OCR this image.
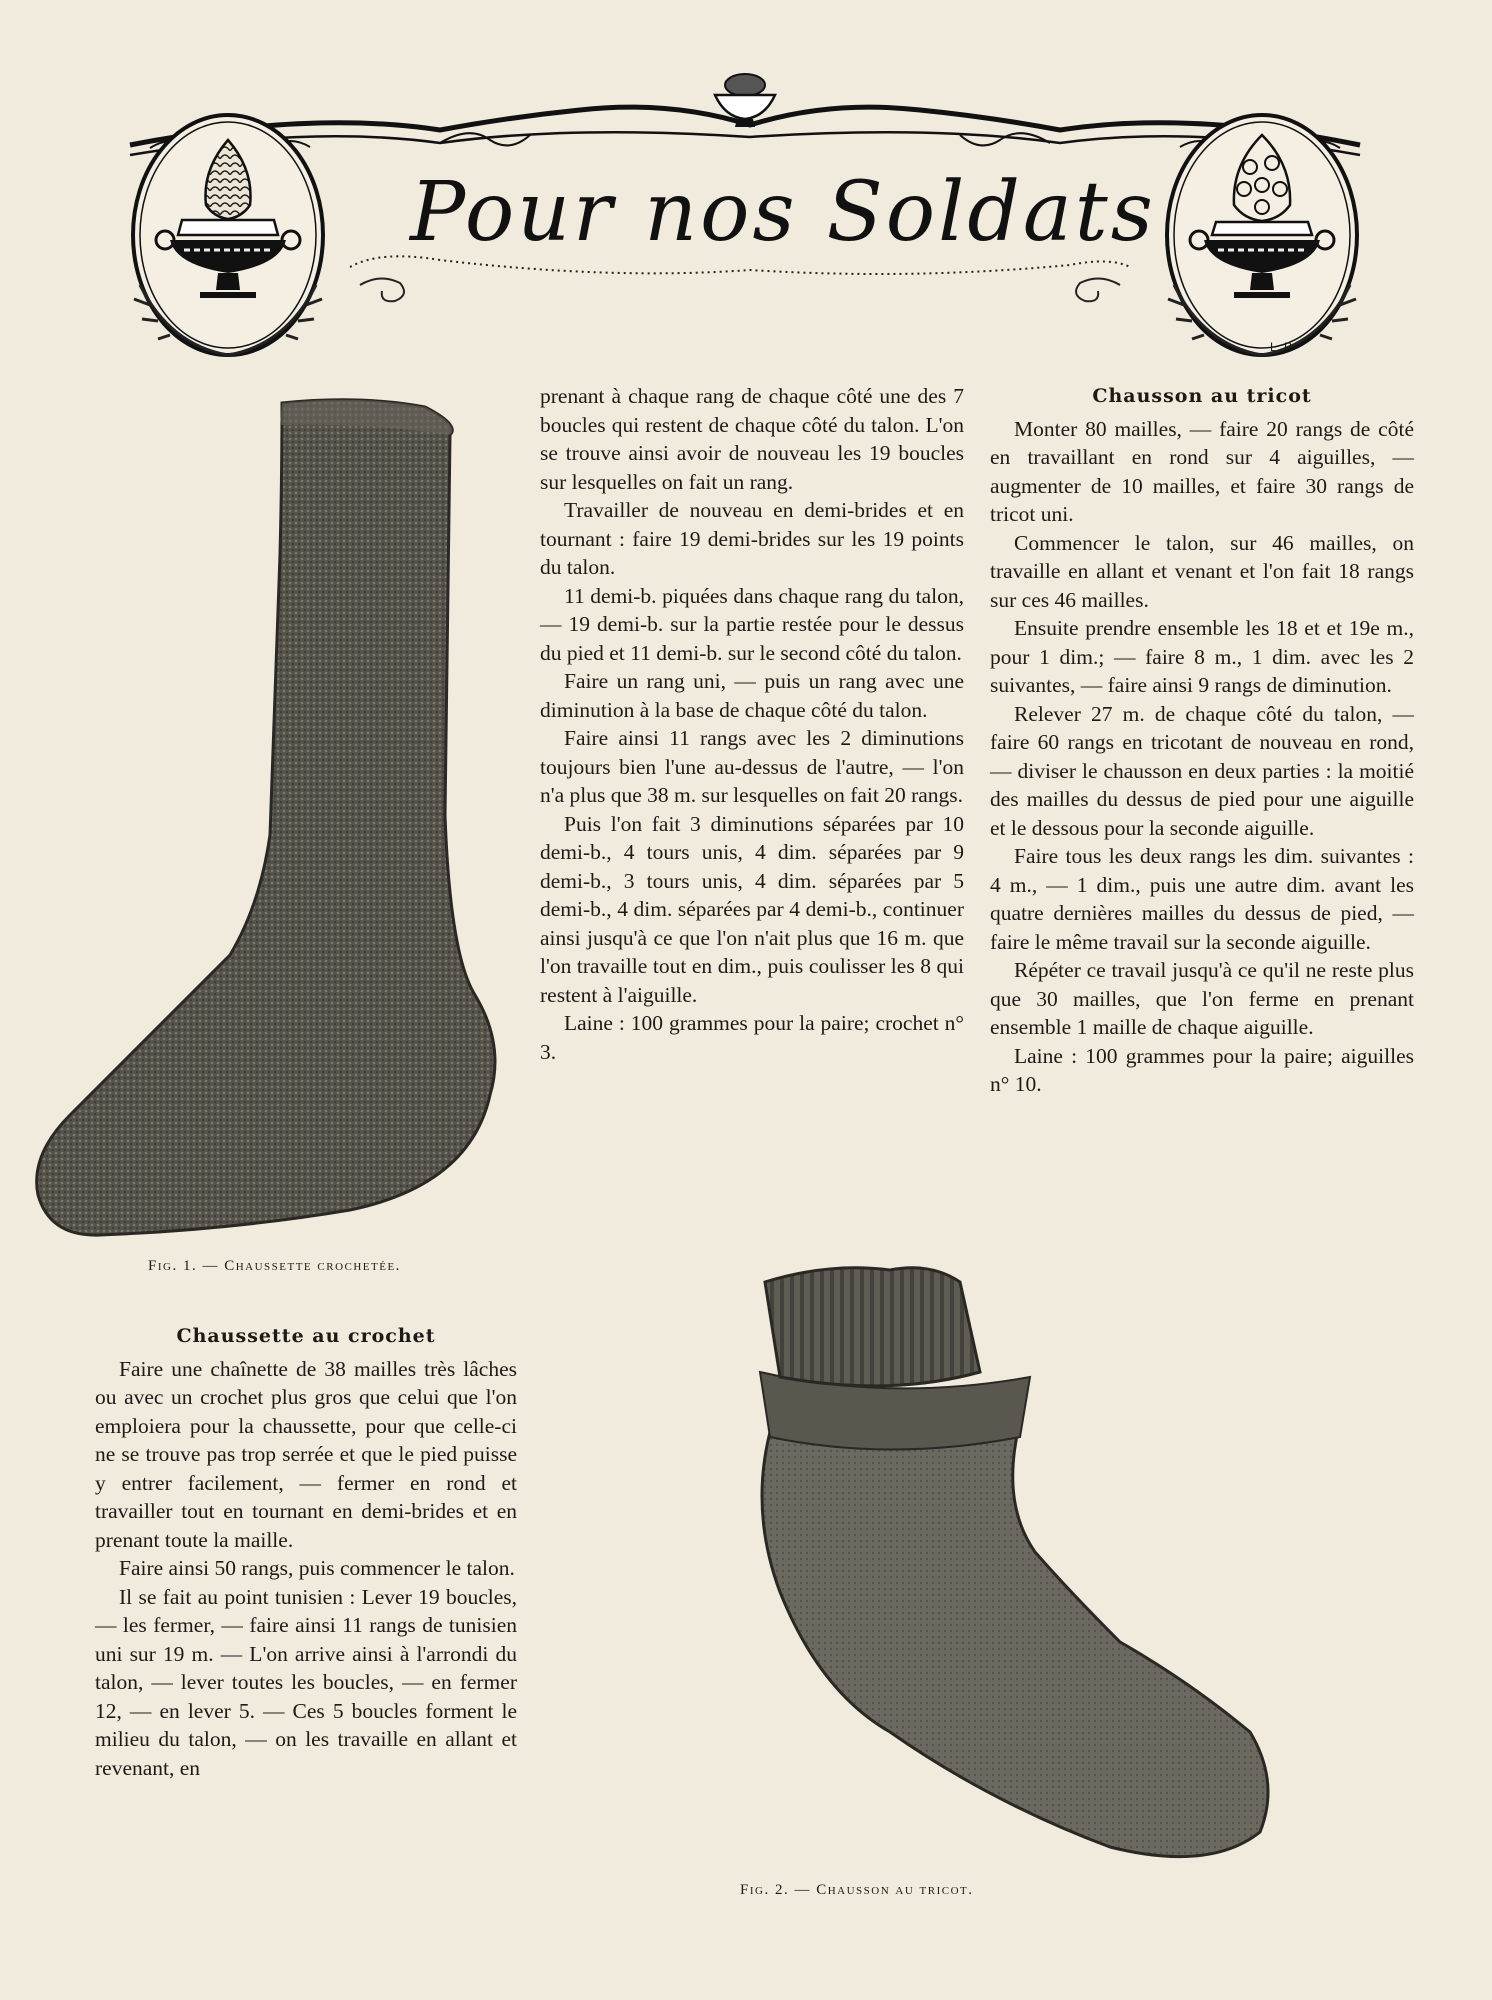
Pour nos Soldats
L.P
Fig. 1. — Chaussette crochetée.
Chaussette au crochet

Faire une chaînette de 38 mailles très lâches ou avec un crochet plus gros que celui que l'on emploiera pour la chaussette, pour que celle-ci ne se trouve pas trop serrée et que le pied puisse y entrer facilement, — fermer en rond et travailler tout en tournant en demi-brides et en prenant toute la maille.

Faire ainsi 50 rangs, puis commencer le talon.

Il se fait au point tunisien : Lever 19 boucles, — les fermer, — faire ainsi 11 rangs de tunisien uni sur 19 m. — L'on arrive ainsi à l'arrondi du talon, — lever toutes les boucles, — en fermer 12, — en lever 5. — Ces 5 boucles forment le milieu du talon, — on les travaille en allant et revenant, en

prenant à chaque rang de chaque côté une des 7 boucles qui restent de chaque côté du talon. L'on se trouve ainsi avoir de nouveau les 19 boucles sur lesquelles on fait un rang.

Travailler de nouveau en demi-brides et en tournant : faire 19 demi-brides sur les 19 points du talon.

11 demi-b. piquées dans chaque rang du talon, — 19 demi-b. sur la partie restée pour le dessus du pied et 11 demi-b. sur le second côté du talon.

Faire un rang uni, — puis un rang avec une diminution à la base de chaque côté du talon.

Faire ainsi 11 rangs avec les 2 diminutions toujours bien l'une au-dessus de l'autre, — l'on n'a plus que 38 m. sur lesquelles on fait 20 rangs.

Puis l'on fait 3 diminutions séparées par 10 demi-b., 4 tours unis, 4 dim. séparées par 9 demi-b., 3 tours unis, 4 dim. séparées par 5 demi-b., 4 dim. séparées par 4 demi-b., continuer ainsi jusqu'à ce que l'on n'ait plus que 16 m. que l'on travaille tout en dim., puis coulisser les 8 qui restent à l'aiguille.

Laine : 100 grammes pour la paire; crochet n° 3.

Chausson au tricot

Monter 80 mailles, — faire 20 rangs de côté en travaillant en rond sur 4 aiguilles, — augmenter de 10 mailles, et faire 30 rangs de tricot uni.

Commencer le talon, sur 46 mailles, on travaille en allant et venant et l'on fait 18 rangs sur ces 46 mailles.

Ensuite prendre ensemble les 18 et et 19e m., pour 1 dim.; — faire 8 m., 1 dim. avec les 2 suivantes, — faire ainsi 9 rangs de diminution.

Relever 27 m. de chaque côté du talon, — faire 60 rangs en tricotant de nouveau en rond, — diviser le chausson en deux parties : la moitié des mailles du dessus de pied pour une aiguille et le dessous pour la seconde aiguille.

Faire tous les deux rangs les dim. suivantes : 4 m., — 1 dim., puis une autre dim. avant les quatre dernières mailles du dessus de pied, — faire le même travail sur la seconde aiguille.

Répéter ce travail jusqu'à ce qu'il ne reste plus que 30 mailles, que l'on ferme en prenant ensemble 1 maille de chaque aiguille.

Laine : 100 grammes pour la paire; aiguilles n° 10.

Fig. 2. — Chausson au tricot.
